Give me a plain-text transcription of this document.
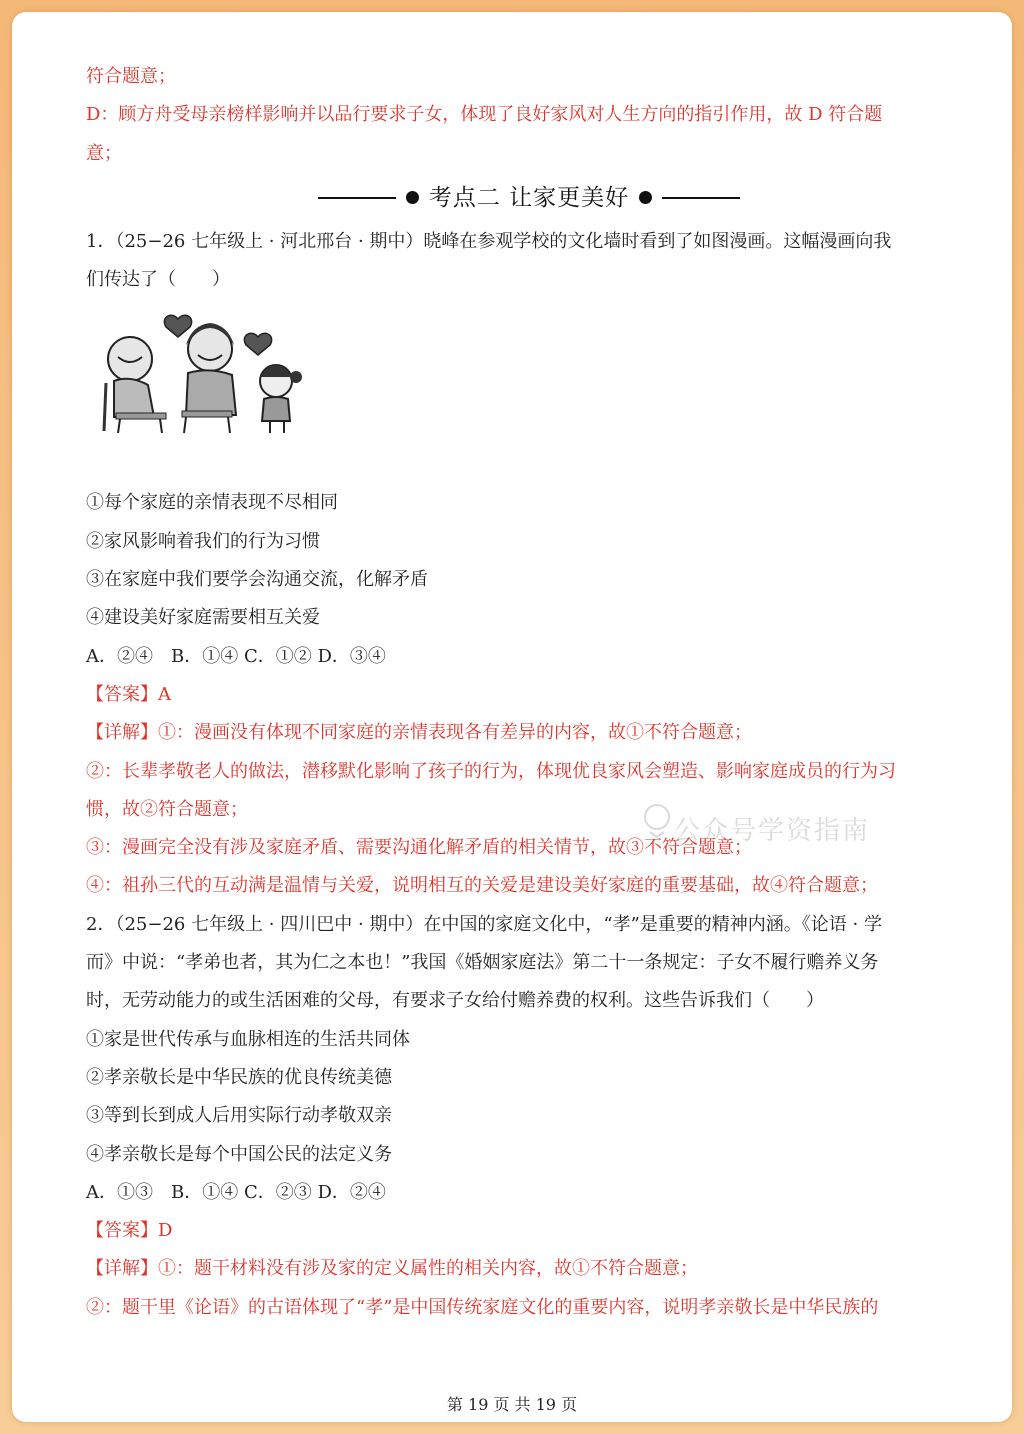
符合题意；
D：顾方舟受母亲榜样影响并以品行要求子女，体现了良好家风对人生方向的指引作用，故 D 符合题
意；
考点二 让家更美好
1．（25−26 七年级上 · 河北邢台 · 期中）晓峰在参观学校的文化墙时看到了如图漫画。这幅漫画向我
们传达了（　　）
①每个家庭的亲情表现不尽相同
②家风影响着我们的行为习惯
③在家庭中我们要学会沟通交流，化解矛盾
④建设美好家庭需要相互关爱
A．②④　B．①④ C．①② D．③④
【答案】A
【详解】①：漫画没有体现不同家庭的亲情表现各有差异的内容，故①不符合题意；
②：长辈孝敬老人的做法，潜移默化影响了孩子的行为，体现优良家风会塑造、影响家庭成员的行为习
惯，故②符合题意；
③：漫画完全没有涉及家庭矛盾、需要沟通化解矛盾的相关情节，故③不符合题意；
④：祖孙三代的互动满是温情与关爱，说明相互的关爱是建设美好家庭的重要基础，故④符合题意；
2．（25−26 七年级上 · 四川巴中 · 期中）在中国的家庭文化中，“孝”是重要的精神内涵。《论语 · 学
而》中说：“孝弟也者，其为仁之本也！”我国《婚姻家庭法》第二十一条规定：子女不履行赡养义务
时，无劳动能力的或生活困难的父母，有要求子女给付赡养费的权利。这些告诉我们（　　）
①家是世代传承与血脉相连的生活共同体
②孝亲敬长是中华民族的优良传统美德
③等到长到成人后用实际行动孝敬双亲
④孝亲敬长是每个中国公民的法定义务
A．①③　B．①④ C．②③ D．②④
【答案】D
【详解】①：题干材料没有涉及家的定义属性的相关内容，故①不符合题意；
②：题干里《论语》的古语体现了“孝”是中国传统家庭文化的重要内容，说明孝亲敬长是中华民族的
公众号学资指南
第 19 页 共 19 页
